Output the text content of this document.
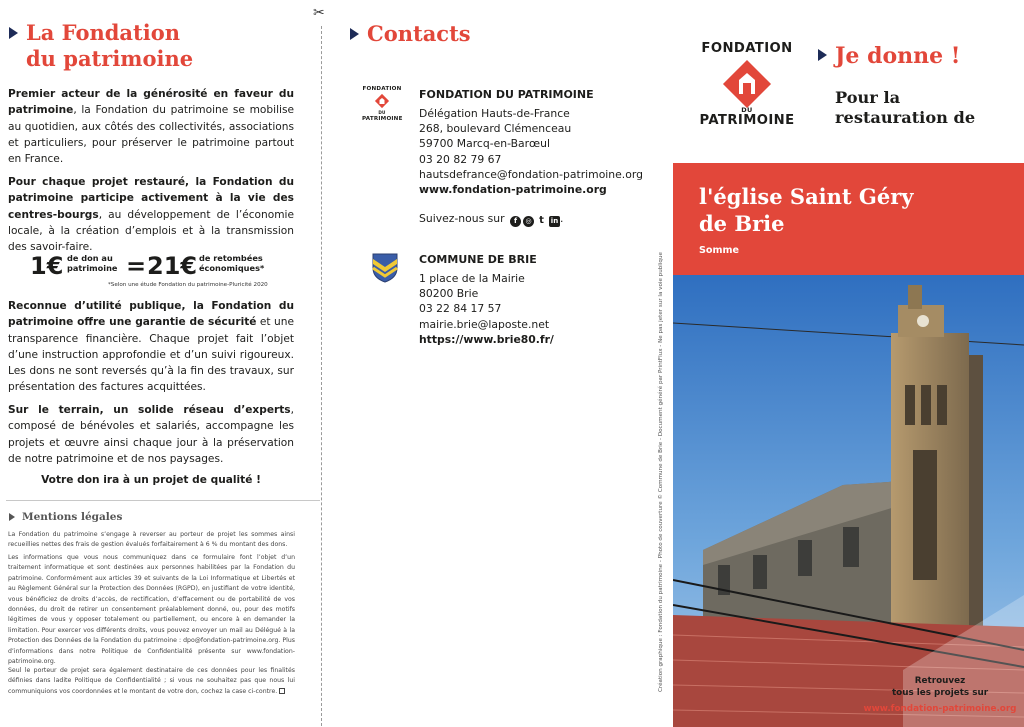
La Fondation
du patrimoine

Premier acteur de la générosité en faveur du patrimoine, la Fondation du patrimoine se mobilise au quotidien, aux côtés des collectivités, associations et particuliers, pour préserver le patrimoine partout en France.

Pour chaque projet restauré, la Fondation du patrimoine participe activement à la vie des centres-bourgs, au développement de l’économie locale, à la création d’emplois et à la transmission des savoir-faire.

1€ de don au
patrimoine = 21€ de retombées
économiques*
*Selon une étude Fondation du patrimoine-Pluricité 2020

Reconnue d’utilité publique, la Fondation du patrimoine offre une garantie de sécurité et une transparence financière. Chaque projet fait l’objet d’une instruction approfondie et d’un suivi rigoureux. Les dons ne sont reversés qu’à la fin des travaux, sur présentation des factures acquittées.

Sur le terrain, un solide réseau d’experts, composé de bénévoles et salariés, accompagne les projets et œuvre ainsi chaque jour à la préservation de notre patrimoine et de nos paysages.

Votre don ira à un projet de qualité !

Mentions légales

La Fondation du patrimoine s’engage à reverser au porteur de projet les sommes ainsi recueillies nettes des frais de gestion évalués forfaitairement à 6 % du montant des dons.

Les informations que vous nous communiquez dans ce formulaire font l’objet d’un traitement informatique et sont destinées aux personnes habilitées par la Fondation du patrimoine. Conformément aux articles 39 et suivants de la Loi Informatique et Libertés et au Règlement Général sur la Protection des Données (RGPD), en justifiant de votre identité, vous bénéficiez de droits d’accès, de rectification, d’effacement ou de portabilité de vos données, du droit de retirer un consentement préalablement donné, ou, pour des motifs légitimes de vous y opposer totalement ou partiellement, ou encore à en demander la limitation. Pour exercer vos différents droits, vous pouvez envoyer un mail au Délégué à la Protection des Données de la Fondation du patrimoine : dpo@fondation-patrimoine.org. Plus d’informations dans notre Politique de Confidentialité présente sur www.fondation-patrimoine.org.

Seul le porteur de projet sera également destinataire de ces données pour les finalités définies dans ladite Politique de Confidentialité ; si vous ne souhaitez pas que nous lui communiquions vos coordonnées et le montant de votre don, cochez la case ci-contre.

✂
Contacts
FONDATION
DU
PATRIMOINE
FONDATION DU PATRIMOINE
Délégation Hauts-de-France
268, boulevard Clémenceau
59700 Marcq-en-Barœul
03 20 82 79 67
hautsdefrance@fondation-patrimoine.org
www.fondation-patrimoine.org
Suivez-nous sur f ◎ t in .
COMMUNE DE BRIE
1 place de la Mairie
80200 Brie
03 22 84 17 57
mairie.brie@laposte.net
https://www.brie80.fr/	Création graphique : Fondation du patrimoine - Photo de couverture © Commune de Brie - Document généré par PrintFlux - Ne pas jeter sur la voie publique
FONDATION
DU
PATRIMOINE
Je donne !
Pour la
restauration de
l'église Saint Géry
de Brie
Somme
Retrouvez
tous les projets sur
www.fondation-patrimoine.org
